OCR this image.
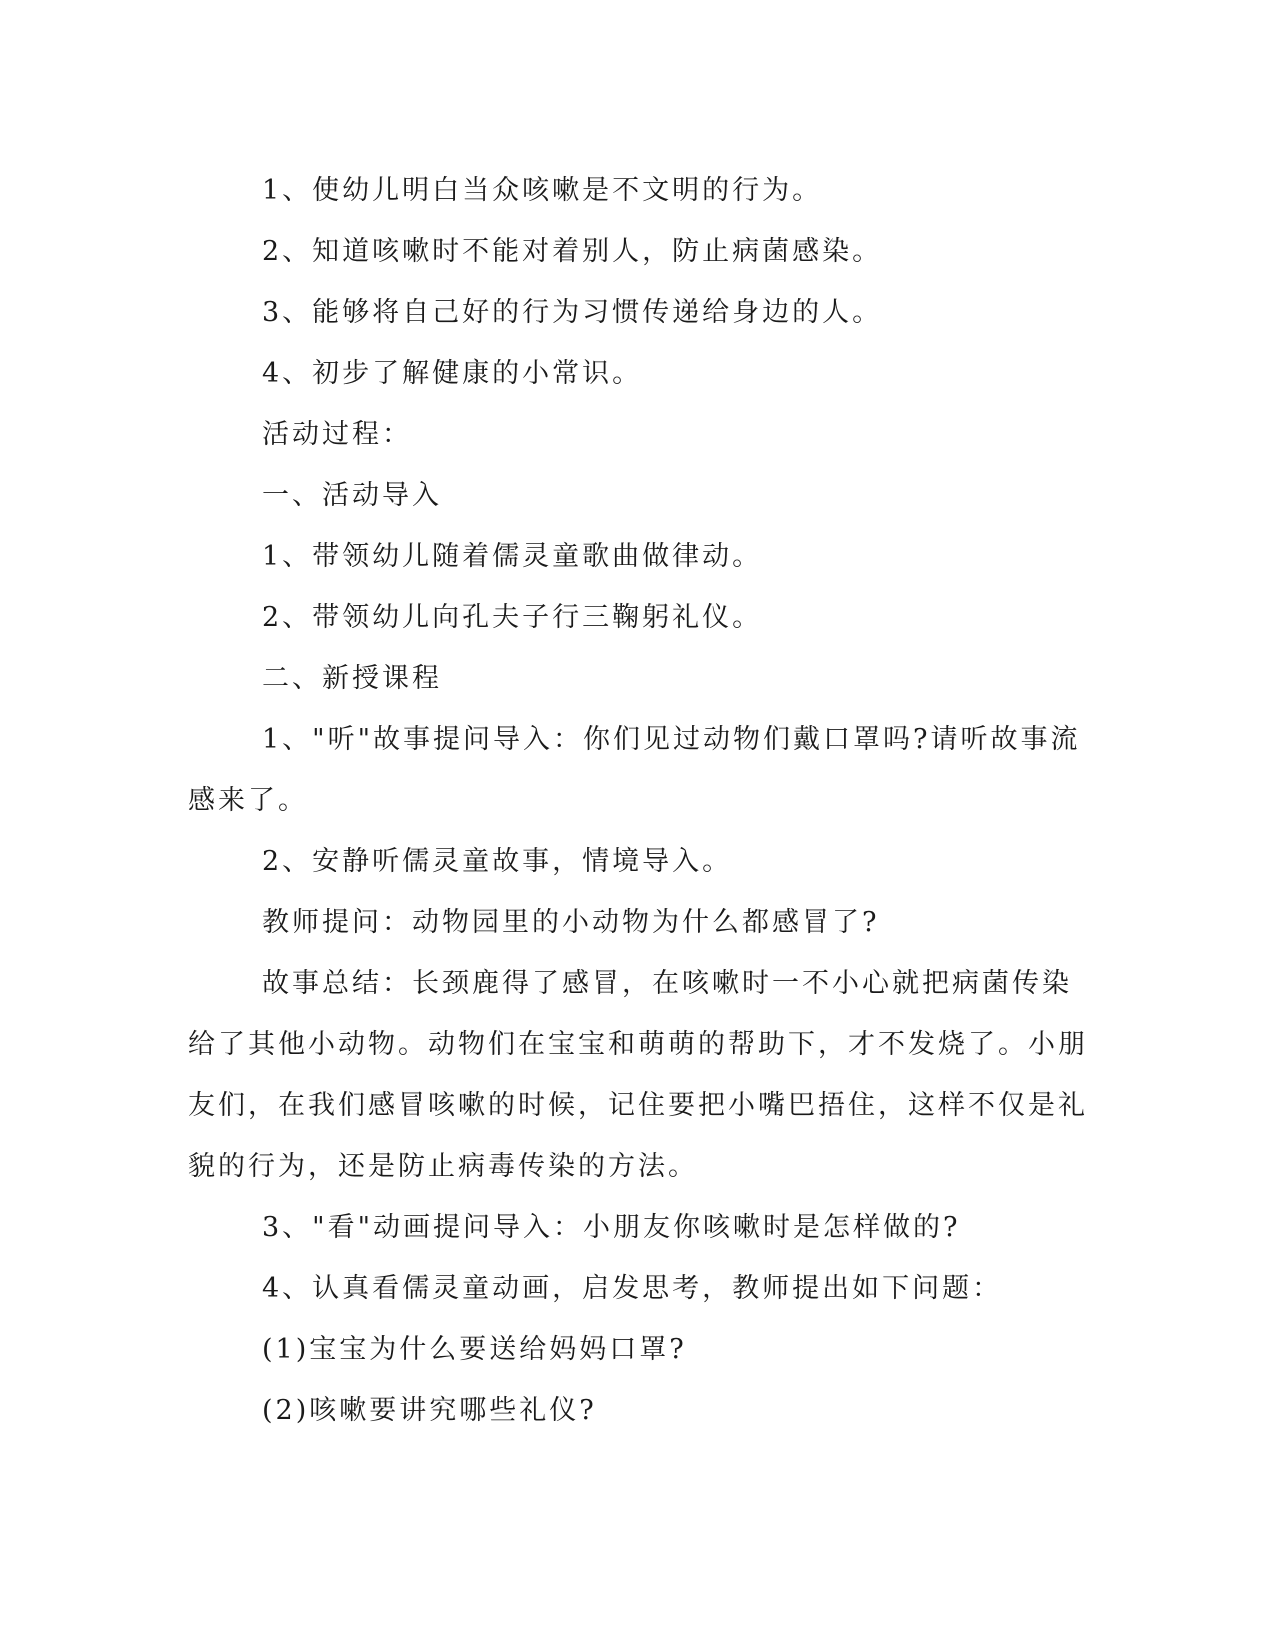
1、使幼儿明白当众咳嗽是不文明的行为。

2、知道咳嗽时不能对着别人，防止病菌感染。

3、能够将自己好的行为习惯传递给身边的人。

4、初步了解健康的小常识。

活动过程：

一、活动导入

1、带领幼儿随着儒灵童歌曲做律动。

2、带领幼儿向孔夫子行三鞠躬礼仪。

二、新授课程

1、"听"故事提问导入：你们见过动物们戴口罩吗?请听故事流感来了。

2、安静听儒灵童故事，情境导入。

教师提问：动物园里的小动物为什么都感冒了?

故事总结：长颈鹿得了感冒，在咳嗽时一不小心就把病菌传染给了其他小动物。动物们在宝宝和萌萌的帮助下，才不发烧了。小朋友们，在我们感冒咳嗽的时候，记住要把小嘴巴捂住，这样不仅是礼貌的行为，还是防止病毒传染的方法。

3、"看"动画提问导入：小朋友你咳嗽时是怎样做的?

4、认真看儒灵童动画，启发思考，教师提出如下问题：

(1)宝宝为什么要送给妈妈口罩?

(2)咳嗽要讲究哪些礼仪?
